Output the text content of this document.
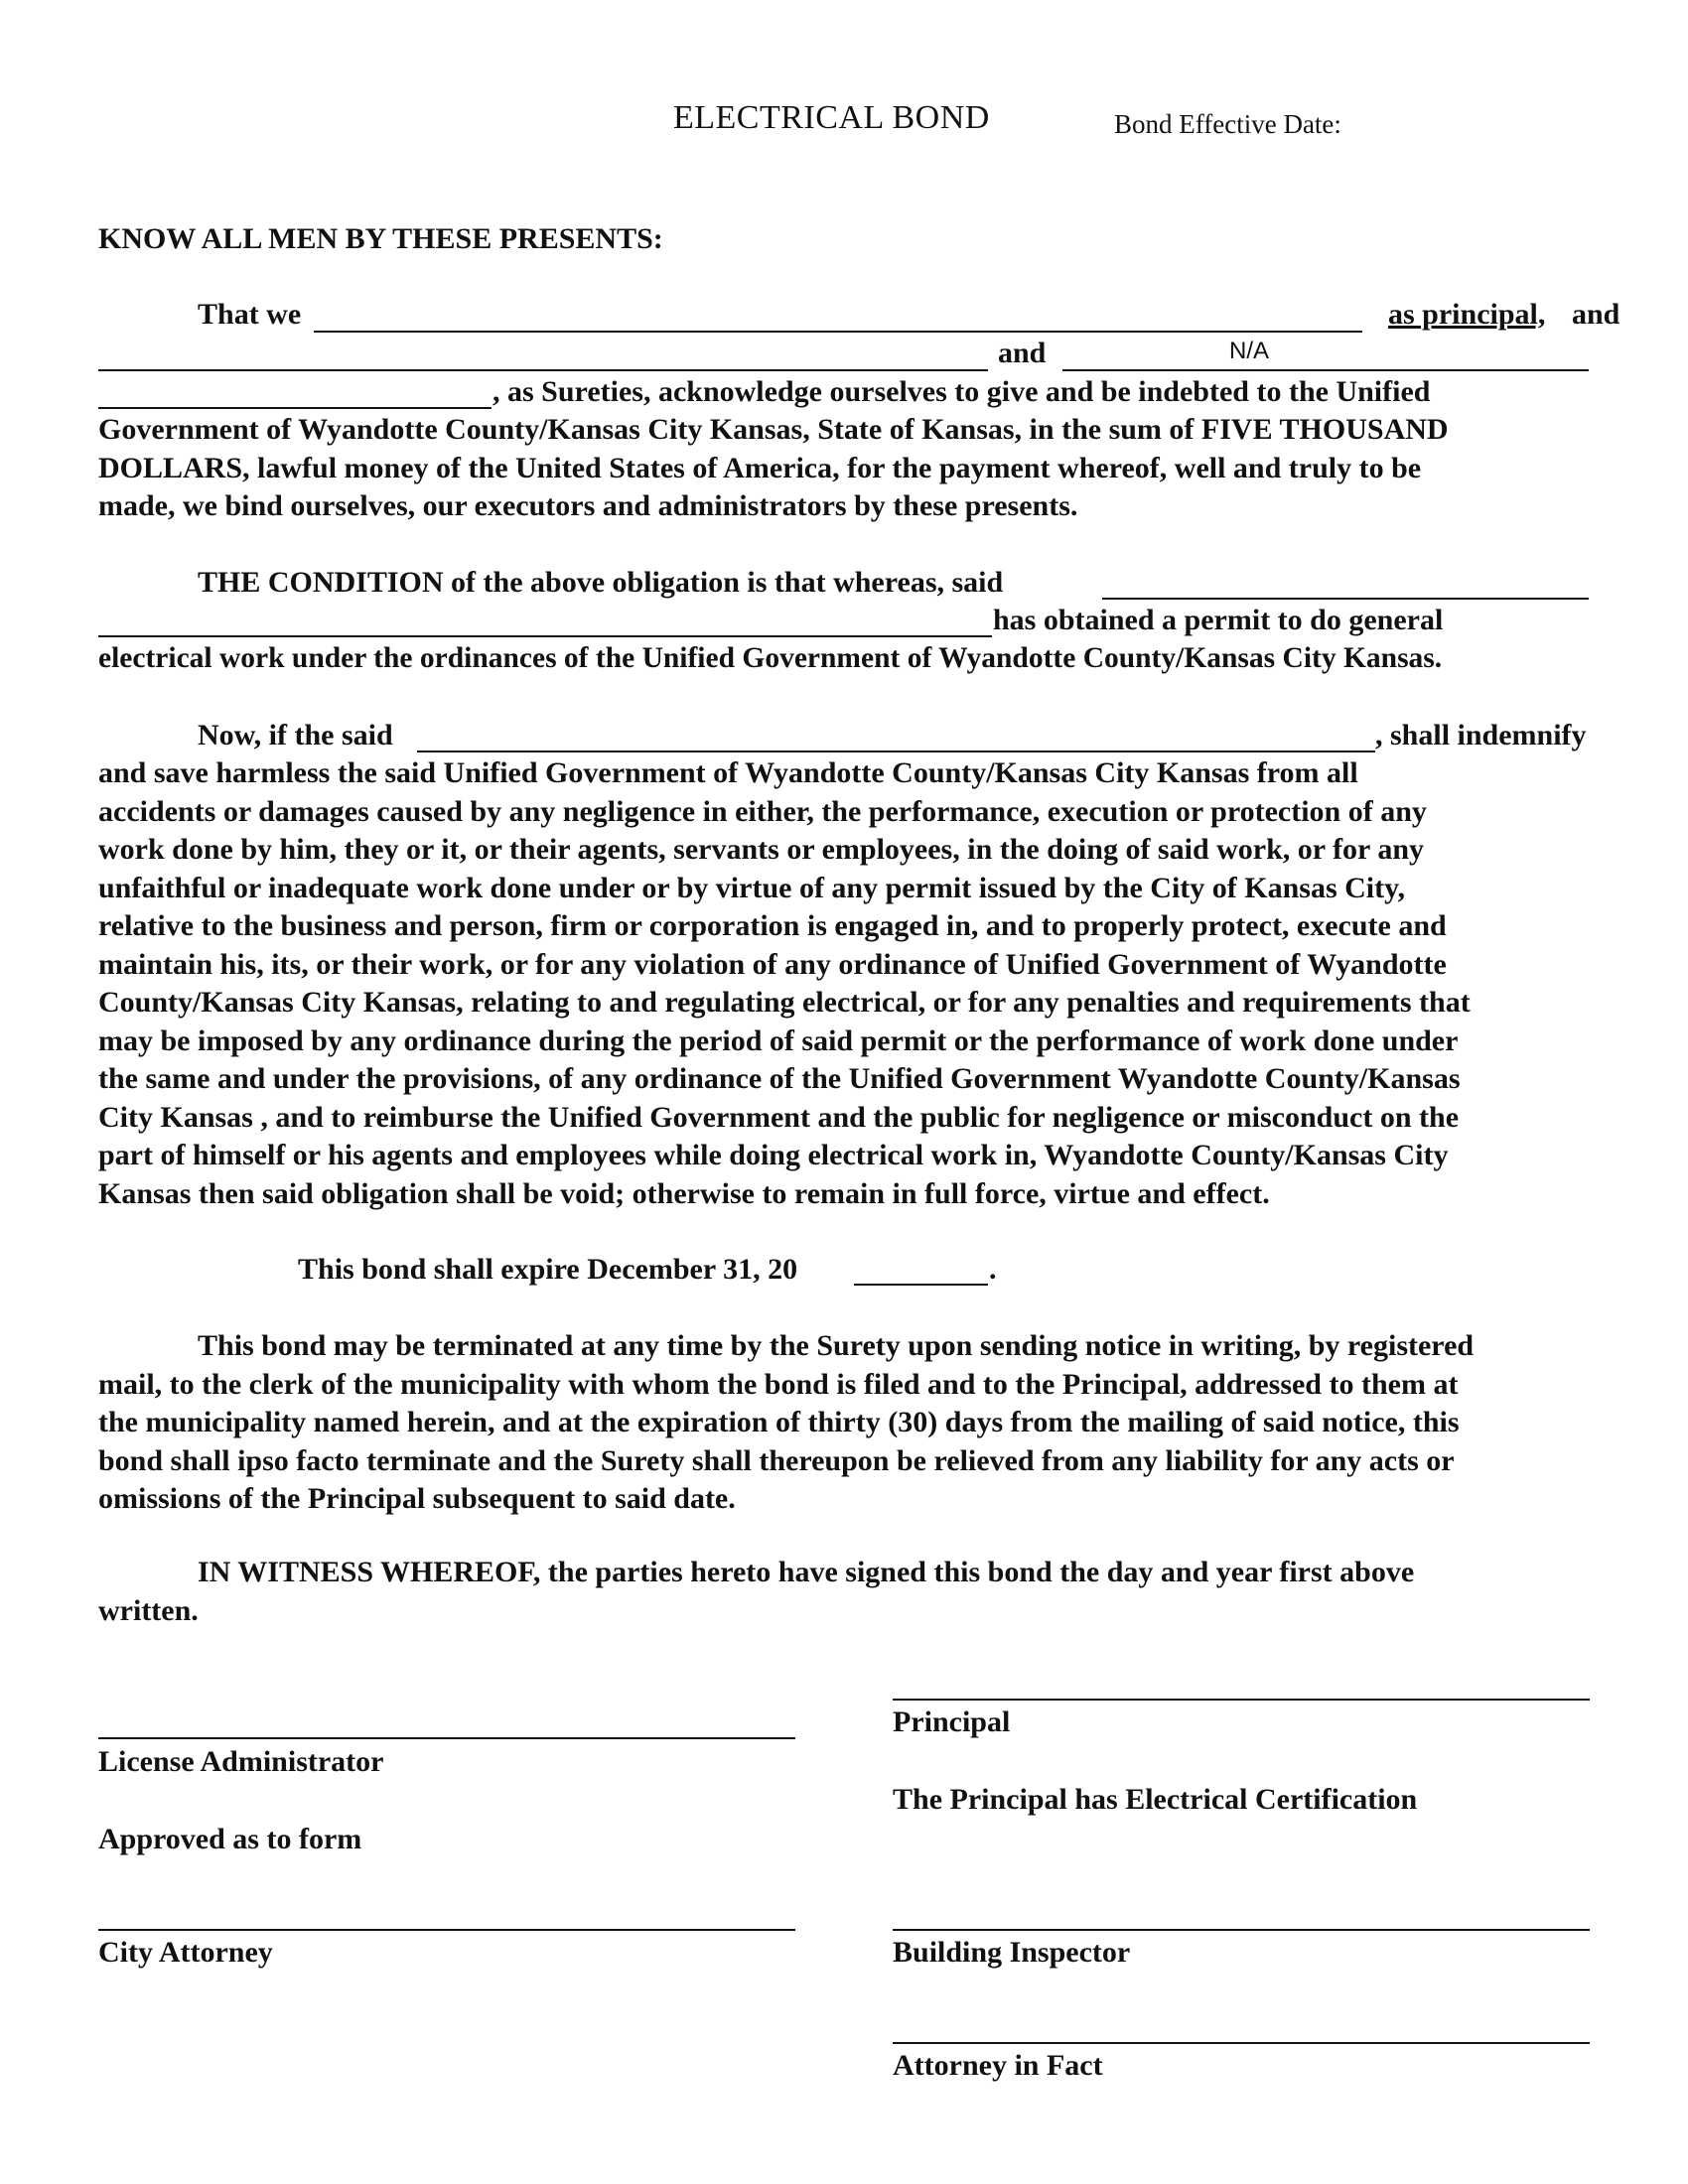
ELECTRICAL BOND	Bond Effective Date:
KNOW ALL MEN BY THESE PRESENTS:
That we	as principal, and
and	N/A
, as Sureties, acknowledge ourselves to give and be indebted to the Unified
Government of Wyandotte County/Kansas City Kansas, State of Kansas, in the sum of FIVE THOUSAND
DOLLARS, lawful money of the United States of America, for the payment whereof, well and truly to be
made, we bind ourselves, our executors and administrators by these presents.
THE CONDITION of the above obligation is that whereas, said
has obtained a permit to do general
electrical work under the ordinances of the Unified Government of Wyandotte County/Kansas City Kansas.
Now, if the said	, shall indemnify
and save harmless the said Unified Government of Wyandotte County/Kansas City Kansas from all
accidents or damages caused by any negligence in either, the performance, execution or protection of any
work done by him, they or it, or their agents, servants or employees, in the doing of said work, or for any
unfaithful or inadequate work done under or by virtue of any permit issued by the City of Kansas City,
relative to the business and person, firm or corporation is engaged in, and to properly protect, execute and
maintain his, its, or their work, or for any violation of any ordinance of Unified Government of Wyandotte
County/Kansas City Kansas, relating to and regulating electrical, or for any penalties and requirements that
may be imposed by any ordinance during the period of said permit or the performance of work done under
the same and under the provisions, of any ordinance of the Unified Government Wyandotte County/Kansas
City Kansas , and to reimburse the Unified Government and the public for negligence or misconduct on the
part of himself or his agents and employees while doing electrical work in, Wyandotte County/Kansas City
Kansas then said obligation shall be void; otherwise to remain in full force, virtue and effect.
This bond shall expire December 31, 20	.
This bond may be terminated at any time by the Surety upon sending notice in writing, by registered
mail, to the clerk of the municipality with whom the bond is filed and to the Principal, addressed to them at
the municipality named herein, and at the expiration of thirty (30) days from the mailing of said notice, this
bond shall ipso facto terminate and the Surety shall thereupon be relieved from any liability for any acts or
omissions of the Principal subsequent to said date.
IN WITNESS WHEREOF, the parties hereto have signed this bond the day and year first above
written.
Principal
License Administrator
The Principal has Electrical Certification
Approved as to form
City Attorney	Building Inspector
Attorney in Fact
